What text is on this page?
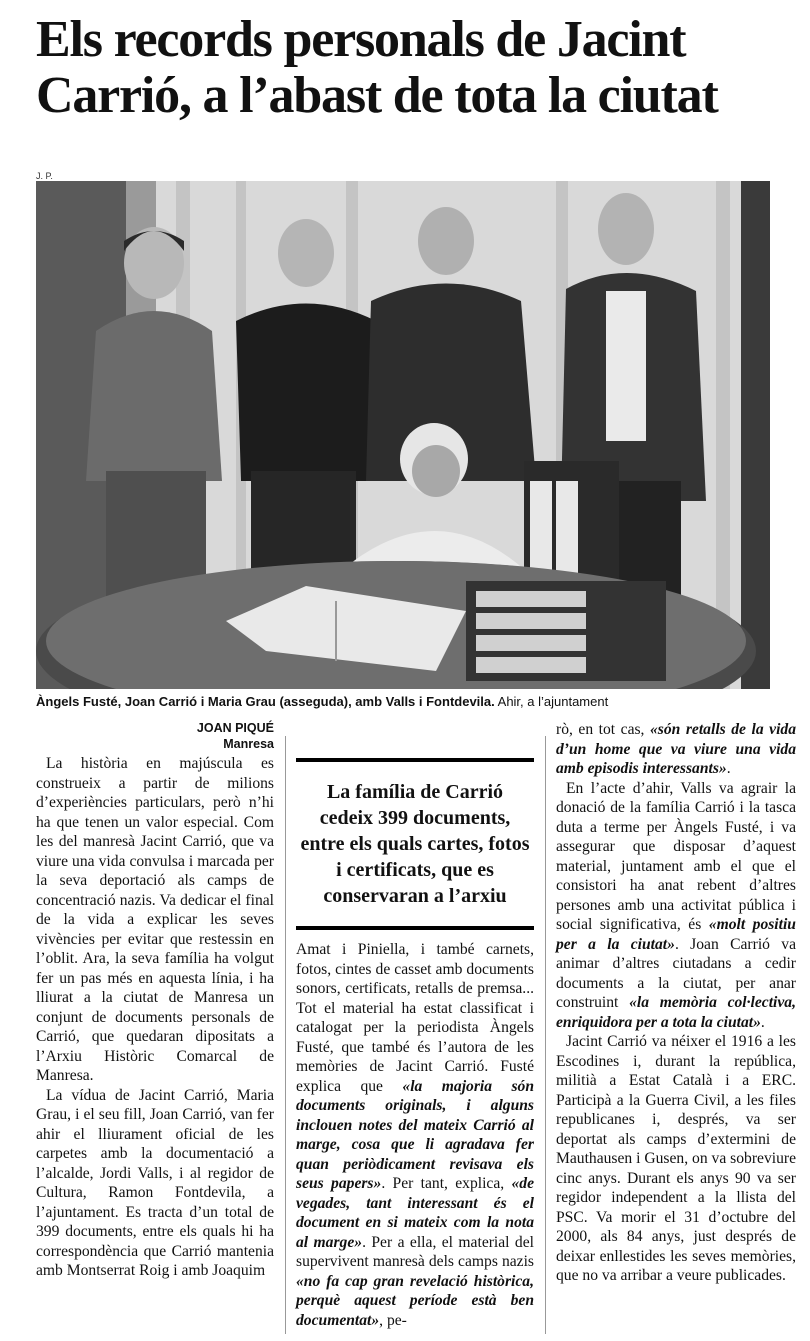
Els records personals de Jacint
Carrió, a l’abast de tota la ciutat
J. P.
Àngels Fusté, Joan Carrió i Maria Grau (asseguda), amb Valls i Fontdevila. Ahir, a l’ajuntament

JOAN PIQUÉ

Manresa

La història en majúscula es construeix a partir de milions d’experiències particulars, però n’hi ha que tenen un valor especial. Com les del manresà Jacint Carrió, que va viure una vida convulsa i marcada per la seva deportació als camps de concentració nazis. Va dedicar el final de la vida a explicar les seves vivències per evitar que restessin en l’oblit. Ara, la seva família ha volgut fer un pas més en aquesta línia, i ha lliurat a la ciutat de Manresa un conjunt de documents personals de Carrió, que quedaran dipositats a l’Arxiu Històric Comarcal de Manresa.

La vídua de Jacint Carrió, Maria Grau, i el seu fill, Joan Carrió, van fer ahir el lliurament oficial de les carpetes amb la documentació a l’alcalde, Jordi Valls, i al regidor de Cultura, Ramon Fontdevila, a l’ajuntament. Es tracta d’un total de 399 documents, entre els quals hi ha correspondència que Carrió mantenia amb Montserrat Roig i amb Joaquim

La família de Carrió cedeix 399 documents, entre els quals cartes, fotos i certificats, que es conservaran a l’arxiu

Amat i Piniella, i també carnets, fotos, cintes de casset amb documents sonors, certificats, retalls de premsa... Tot el material ha estat classificat i catalogat per la periodista Àngels Fusté, que també és l’autora de les memòries de Jacint Carrió. Fusté explica que «la majoria són documents originals, i alguns inclouen notes del mateix Carrió al marge, cosa que li agradava fer quan periòdicament revisava els seus papers». Per tant, explica, «de vegades, tant interessant és el document en si mateix com la nota al marge». Per a ella, el material del supervivent manresà dels camps nazis «no fa cap gran revelació històrica, perquè aquest període està ben documentat», pe-

rò, en tot cas, «són retalls de la vida d’un home que va viure una vida amb episodis interessants».

En l’acte d’ahir, Valls va agrair la donació de la família Carrió i la tasca duta a terme per Àngels Fusté, i va assegurar que disposar d’aquest material, juntament amb el que el consistori ha anat rebent d’altres persones amb una activitat pública i social significativa, és «molt positiu per a la ciutat». Joan Carrió va animar d’altres ciutadans a cedir documents a la ciutat, per anar construint «la memòria col·lectiva, enriquidora per a tota la ciutat».

Jacint Carrió va néixer el 1916 a les Escodines i, durant la república, militià a Estat Català i a ERC. Participà a la Guerra Civil, a les files republicanes i, després, va ser deportat als camps d’extermini de Mauthausen i Gusen, on va sobreviure cinc anys. Durant els anys 90 va ser regidor independent a la llista del PSC. Va morir el 31 d’octubre del 2000, als 84 anys, just després de deixar enllestides les seves memòries, que no va arribar a veure publicades.
